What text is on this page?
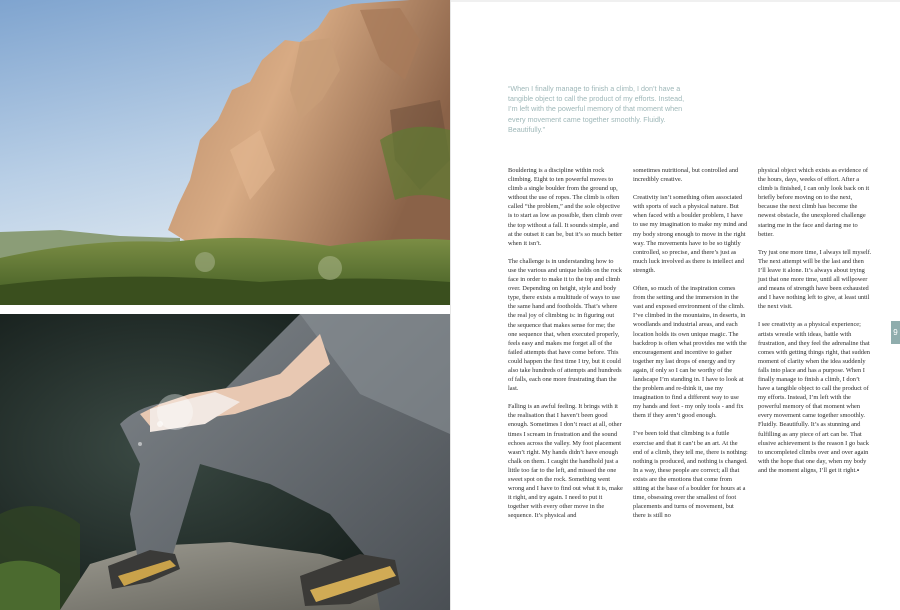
“When I finally manage to finish a climb, I don’t have a tangible object to call the product of my efforts. Instead, I’m left with the powerful memory of that moment when every movement came together smoothly. Fluidly. Beautifully.”

Bouldering is a discipline within rock climbing. Eight to ten powerful moves to climb a single boulder from the ground up, without the use of ropes. The climb is often called “the problem,” and the sole objective is to start as low as possible, then climb over the top without a fall. It sounds simple, and at the outset it can be, but it’s so much better when it isn’t.

The challenge is in understanding how to use the various and unique holds on the rock face in order to make it to the top and climb over. Depending on height, style and body type, there exists a multitude of ways to use the same hand and footholds. That’s where the real joy of climbing is: in figuring out the sequence that makes sense for me; the one sequence that, when executed properly, feels easy and makes me forget all of the failed attempts that have come before. This could happen the first time I try, but it could also take hundreds of attempts and hundreds of falls, each one more frustrating than the last.

Falling is an awful feeling. It brings with it the realisation that I haven’t been good enough. Sometimes I don’t react at all, other times I scream in frustration and the sound echoes across the valley. My foot placement wasn’t right. My hands didn’t have enough chalk on them. I caught the handhold just a little too far to the left, and missed the one sweet spot on the rock. Something went wrong and I have to find out what it is, make it right, and try again. I need to put it together with every other move in the sequence. It’s physical and

sometimes nutritional, but controlled and incredibly creative.

Creativity isn’t something often associated with sports of such a physical nature. But when faced with a boulder problem, I have to use my imagination to make my mind and my body strong enough to move in the right way. The movements have to be so tightly controlled, so precise, and there’s just as much luck involved as there is intellect and strength.

Often, so much of the inspiration comes from the setting and the immersion in the vast and exposed environment of the climb. I’ve climbed in the mountains, in deserts, in woodlands and industrial areas, and each location holds its own unique magic. The backdrop is often what provides me with the encouragement and incentive to gather together my last drops of energy and try again, if only so I can be worthy of the landscape I’m standing in. I have to look at the problem and re-think it, use my imagination to find a different way to use my hands and feet - my only tools - and fix them if they aren’t good enough.

I’ve been told that climbing is a futile exercise and that it can’t be an art. At the end of a climb, they tell me, there is nothing: nothing is produced, and nothing is changed. In a way, these people are correct; all that exists are the emotions that come from sitting at the base of a boulder for hours at a time, obsessing over the smallest of foot placements and turns of movement, but there is still no

physical object which exists as evidence of the hours, days, weeks of effort. After a climb is finished, I can only look back on it briefly before moving on to the next, because the next climb has become the newest obstacle, the unexplored challenge staring me in the face and daring me to better.

Try just one more time, I always tell myself. The next attempt will be the last and then I’ll leave it alone. It’s always about trying just that one more time, until all willpower and means of strength have been exhausted and I have nothing left to give, at least until the next visit.

I see creativity as a physical experience; artists wrestle with ideas, battle with frustration, and they feel the adrenaline that comes with getting things right, that sudden moment of clarity when the idea suddenly falls into place and has a purpose. When I finally manage to finish a climb, I don’t have a tangible object to call the product of my efforts. Instead, I’m left with the powerful memory of that moment when every movement came together smoothly. Fluidly. Beautifully. It’s as stunning and fulfilling as any piece of art can be. That elusive achievement is the reason I go back to uncompleted climbs over and over again with the hope that one day, when my body and the moment aligns, I’ll get it right.▪

9
